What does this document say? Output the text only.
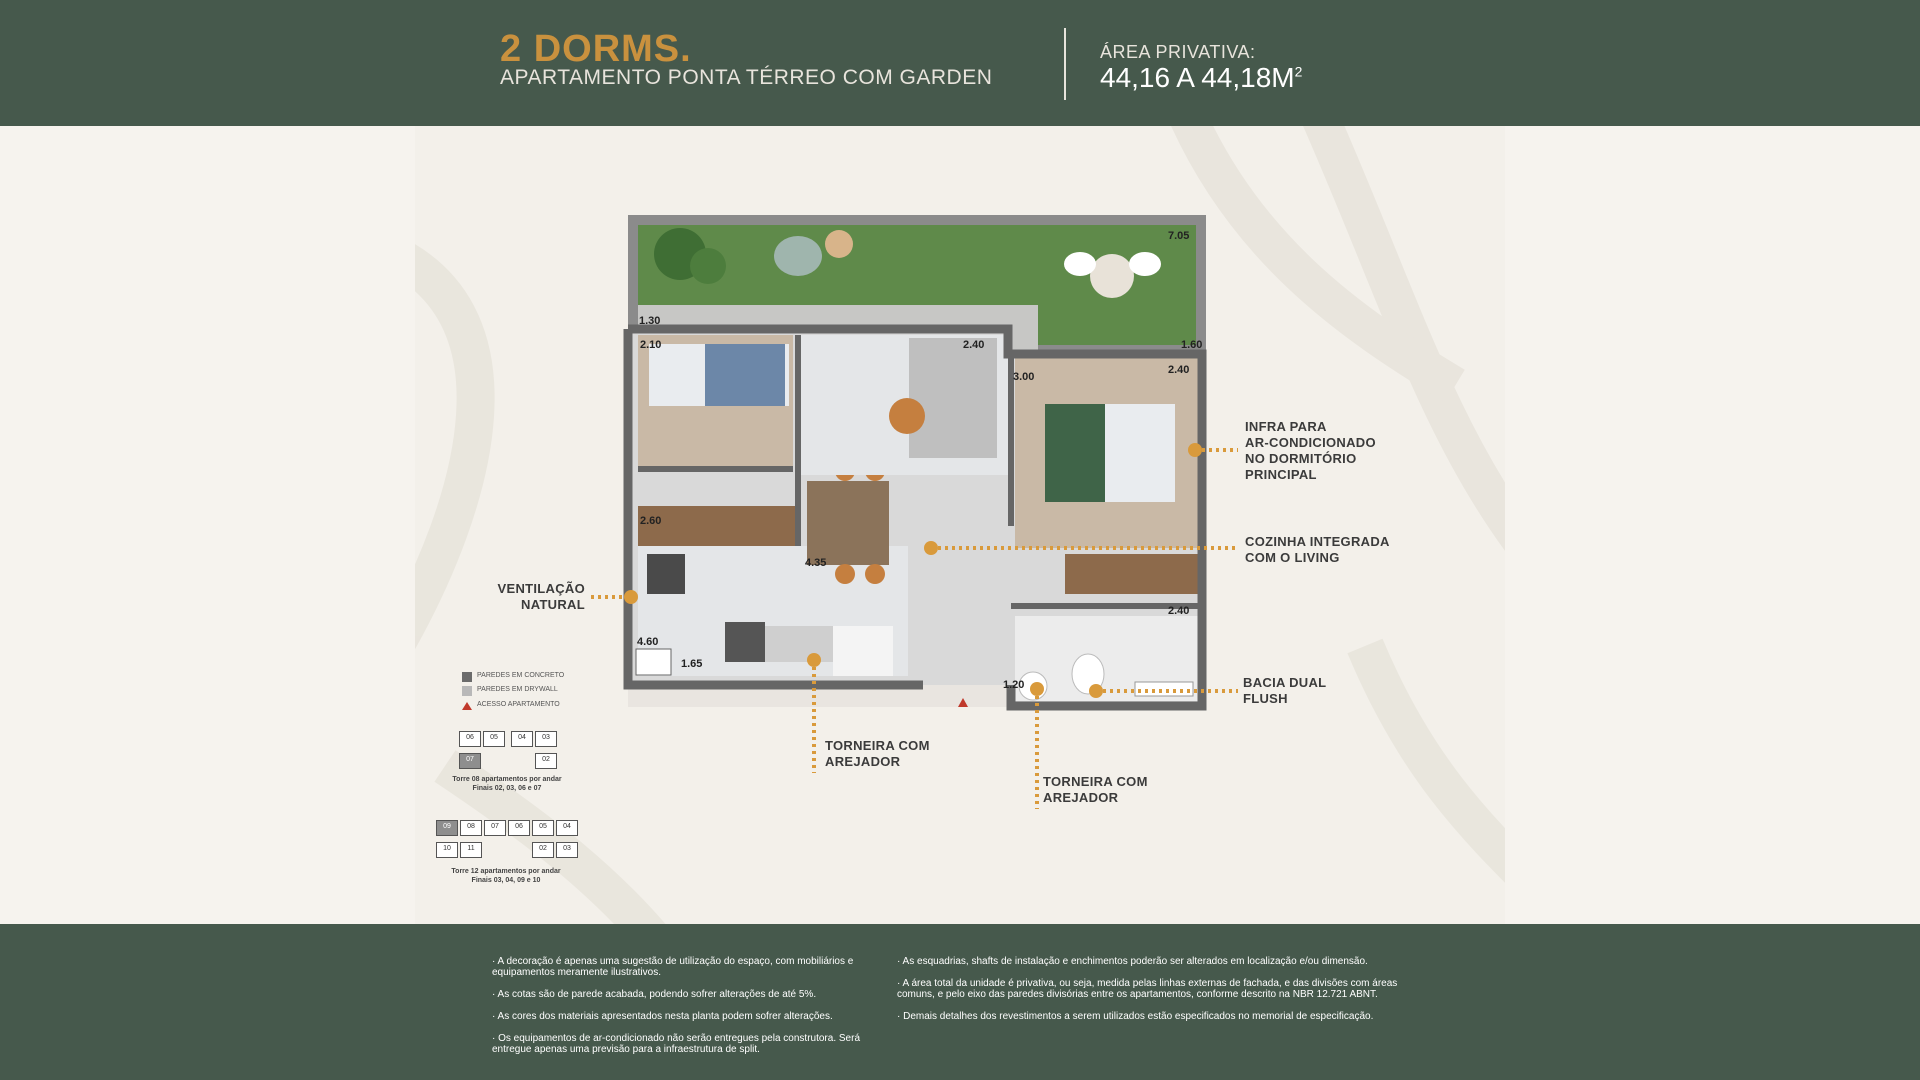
2 DORMS.
APARTAMENTO PONTA TÉRREO COM GARDEN
ÁREA PRIVATIVA:
44,16 A $44,18M^2$
7.05
1.30
2.10	2.40
3.00
2.40
1.60
2.60
4.35
4.60
1.65
1.20
2.40
PAREDES EM CONCRETO
PAREDES EM DRYWALL
ACESSO APARTAMENTO
06	05	04	03
07	02
Torre 08 apartamentos por andar
Finais 02, 03, 06 e 07
09	08	07	06	05	04
10	11	02	03
Torre 12 apartamentos por andar
Finais 03, 04, 09 e 10
INFRA PARA
AR-CONDICIONADO
NO DORMITÓRIO
PRINCIPAL
COZINHA INTEGRADA
COM O LIVING
VENTILAÇÃO
NATURAL
BACIA DUAL
FLUSH
TORNEIRA COM
AREJADOR
TORNEIRA COM
AREJADOR
· A decoração é apenas uma sugestão de utilização do espaço, com mobiliários e equipamentos meramente ilustrativos.
· As cotas são de parede acabada, podendo sofrer alterações de até 5%.
· As cores dos materiais apresentados nesta planta podem sofrer alterações.
· Os equipamentos de ar-condicionado não serão entregues pela construtora. Será entregue apenas uma previsão para a infraestrutura de split.
· As esquadrias, shafts de instalação e enchimentos poderão ser alterados em localização e/ou dimensão.
· A área total da unidade é privativa, ou seja, medida pelas linhas externas de fachada, e das divisões com áreas comuns, e pelo eixo das paredes divisórias entre os apartamentos, conforme descrito na NBR 12.721 ABNT.
· Demais detalhes dos revestimentos a serem utilizados estão especificados no memorial de especificação.
